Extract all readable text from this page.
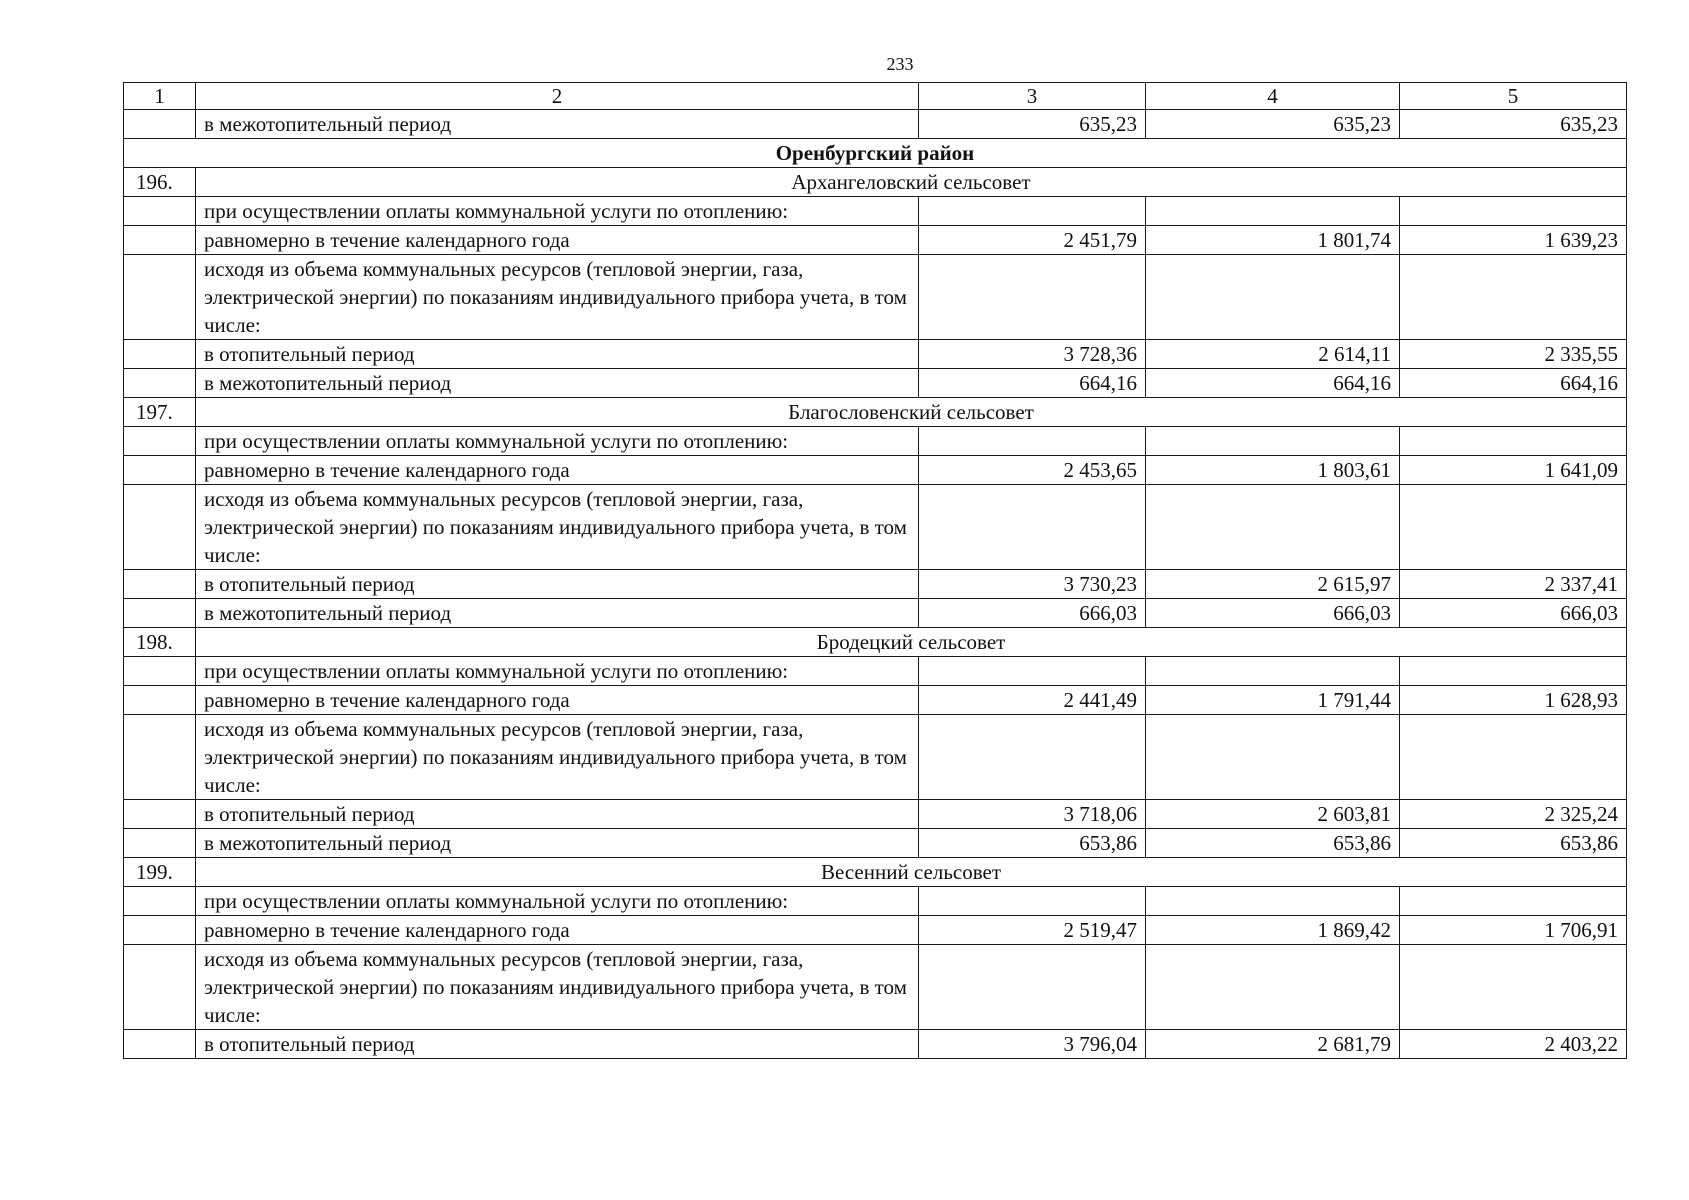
233
1	2	3	4	5
	в межотопительный период	635,23	635,23	635,23
Оренбургский район				
196.	Архангеловский сельсовет			
	при осуществлении оплаты коммунальной услуги по отоплению:			
	равномерно в течение календарного года	2 451,79	1 801,74	1 639,23
	исходя из объема коммунальных ресурсов (тепловой энергии, газа, электрической энергии) по показаниям индивидуального прибора учета, в том числе:			
	в отопительный период	3 728,36	2 614,11	2 335,55
	в межотопительный период	664,16	664,16	664,16
197.	Благословенский сельсовет			
	при осуществлении оплаты коммунальной услуги по отоплению:			
	равномерно в течение календарного года	2 453,65	1 803,61	1 641,09
	исходя из объема коммунальных ресурсов (тепловой энергии, газа, электрической энергии) по показаниям индивидуального прибора учета, в том числе:			
	в отопительный период	3 730,23	2 615,97	2 337,41
	в межотопительный период	666,03	666,03	666,03
198.	Бродецкий сельсовет			
	при осуществлении оплаты коммунальной услуги по отоплению:			
	равномерно в течение календарного года	2 441,49	1 791,44	1 628,93
	исходя из объема коммунальных ресурсов (тепловой энергии, газа, электрической энергии) по показаниям индивидуального прибора учета, в том числе:			
	в отопительный период	3 718,06	2 603,81	2 325,24
	в межотопительный период	653,86	653,86	653,86
199.	Весенний сельсовет			
	при осуществлении оплаты коммунальной услуги по отоплению:			
	равномерно в течение календарного года	2 519,47	1 869,42	1 706,91
	исходя из объема коммунальных ресурсов (тепловой энергии, газа, электрической энергии) по показаниям индивидуального прибора учета, в том числе:			
	в отопительный период	3 796,04	2 681,79	2 403,22
